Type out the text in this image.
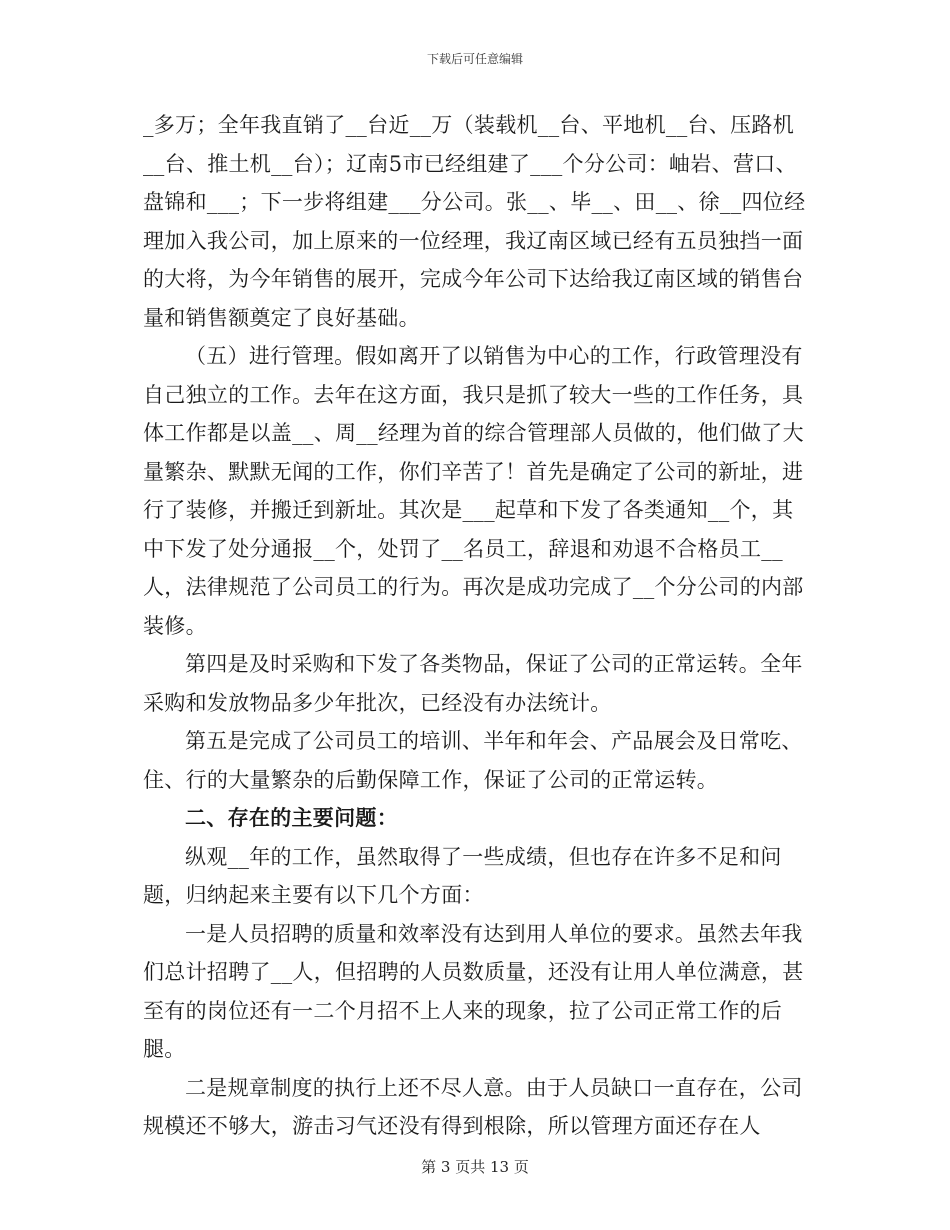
下载后可任意编辑

_多万；全年我直销了__台近__万（装载机__台、平地机__台、压路机__台、推土机__台）；辽南5市已经组建了___个分公司：岫岩、营口、盘锦和___；下一步将组建___分公司。张__、毕__、田__、徐__四位经理加入我公司，加上原来的一位经理，我辽南区域已经有五员独挡一面的大将，为今年销售的展开，完成今年公司下达给我辽南区域的销售台量和销售额奠定了良好基础。

（五）进行管理。假如离开了以销售为中心的工作，行政管理没有自己独立的工作。去年在这方面，我只是抓了较大一些的工作任务，具体工作都是以盖__、周__经理为首的综合管理部人员做的，他们做了大量繁杂、默默无闻的工作，你们辛苦了！首先是确定了公司的新址，进行了装修，并搬迁到新址。其次是___起草和下发了各类通知__个，其中下发了处分通报__个，处罚了__名员工，辞退和劝退不合格员工__人，法律规范了公司员工的行为。再次是成功完成了__个分公司的内部装修。

第四是及时采购和下发了各类物品，保证了公司的正常运转。全年采购和发放物品多少年批次，已经没有办法统计。

第五是完成了公司员工的培训、半年和年会、产品展会及日常吃、住、行的大量繁杂的后勤保障工作，保证了公司的正常运转。

二、存在的主要问题：

纵观__年的工作，虽然取得了一些成绩，但也存在许多不足和问题，归纳起来主要有以下几个方面：

一是人员招聘的质量和效率没有达到用人单位的要求。虽然去年我们总计招聘了__人，但招聘的人员数质量，还没有让用人单位满意，甚至有的岗位还有一二个月招不上人来的现象，拉了公司正常工作的后腿。

二是规章制度的执行上还不尽人意。由于人员缺口一直存在，公司规模还不够大，游击习气还没有得到根除，所以管理方面还存在人

第 3 页共 13 页
